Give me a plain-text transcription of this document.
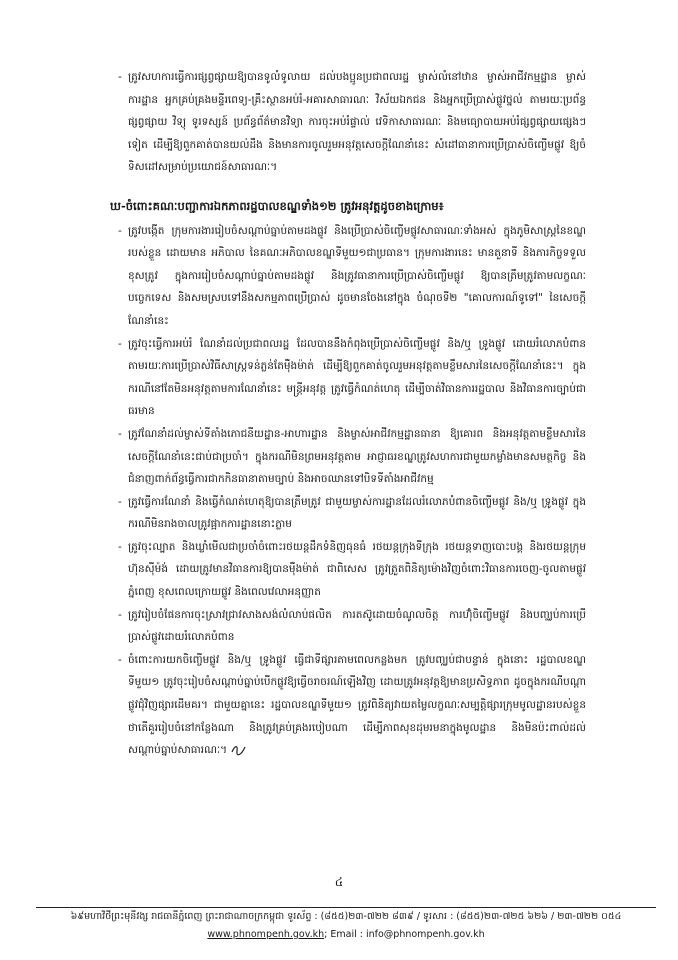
- ត្រូវសហការធ្វើការផ្សព្វផ្សាយឱ្យបានទូលំទូលាយ ដល់បងប្អូនប្រជាពលរដ្ឋ ម្ចាស់លំនៅឋាន ម្ចាស់អាជីវកម្មដ្ឋាន ម្ចាស់ការដ្ឋាន អ្នកគ្រប់គ្រងមន្ទីរពេទ្យ-គ្រឹះស្ថានអប់រំ-អគារសាធារណៈ វិស័យឯកជន និងអ្នកប្រើប្រាស់ផ្លូវថ្នល់ តាមរយៈប្រព័ន្ធផ្សព្វផ្សាយ វិទ្យុ ទូរទស្សន៍ ប្រព័ន្ធព័ត៌មានវិទ្យា ការចុះអប់រំផ្ទាល់ វេទិកាសាធារណៈ និងមធ្យោបាយអប់រំផ្សព្វផ្សាយផ្សេងៗទៀត ដើម្បីឱ្យពួកគាត់បានយល់ដឹង និងមានការចូលរួមអនុវត្តសេចក្តីណែនាំនេះ សំដៅធានាការប្រើប្រាស់ចិញ្ចើមផ្លូវ ឱ្យចំទិសដៅសម្រាប់ប្រយោជន៍សាធារណៈ។
ឃ-ចំពោះគណៈបញ្ជាការឯកភាពរដ្ឋបាលខណ្ឌទាំង១២ ត្រូវអនុវត្តដូចខាងក្រោម៖
- ត្រូវបង្កើត ក្រុមការងាររៀបចំសណ្តាប់ធ្នាប់តាមដងផ្លូវ និងប្រើប្រាស់ចិញ្ចើមផ្លូវសាធារណៈទាំងអស់ ក្នុងភូមិសាស្ត្រនៃខណ្ឌរបស់ខ្លួន ដោយមាន អភិបាល នៃគណៈអភិបាលខណ្ឌទីមួយ១ជាប្រធាន។ ក្រុមការងារនេះ មានតួនាទី និងភារកិច្ចទទួលខុសត្រូវ ក្នុងការរៀបចំសណ្តាប់ធ្នាប់តាមដងផ្លូវ និងត្រូវធានាការប្រើប្រាស់ចិញ្ចើមផ្លូវ ឱ្យបានត្រឹមត្រូវតាមលក្ខណៈបច្ចេកទេស និងសមស្របទៅនឹងសកម្មភាពប្រើប្រាស់ ដូចមានចែងនៅក្នុង ចំណុចទី២ "គោលការណ៍ទូទៅ" នៃសេចក្តីណែនាំនេះ
- ត្រូវចុះធ្វើការអប់រំ ណែនាំដល់ប្រជាពលរដ្ឋ ដែលបាននឹងកំពុងប្រើប្រាស់ចិញ្ចើមផ្លូវ និង/ឬ ទ្រូងផ្លូវ ដោយរំលោភបំពាន តាមរយៈការប្រើប្រាស់វិធីសាស្ត្រទន់ភ្លន់តែម៉ឺងម៉ាត់ ដើម្បីឱ្យពួកគាត់ចូលរួមអនុវត្តតាមខ្លឹមសារនៃសេចក្តីណែនាំនេះ។ ក្នុងករណីនៅតែមិនអនុវត្តតាមការណែនាំនេះ មន្ត្រីអនុវត្ត ត្រូវធ្វើកំណត់ហេតុ ដើម្បីចាត់វិធានការរដ្ឋបាល និងវិធានការច្បាប់ជាធរមាន
- ត្រូវណែនាំដល់ម្ចាស់ទីតាំងភោជនីយដ្ឋាន-អាហារដ្ឋាន និងម្ចាស់អាជីវកម្មដ្ឋានធានា ឱ្យគោរព និងអនុវត្តតាមខ្លឹមសារនៃសេចក្តីណែនាំនេះជាប់ជាប្រចាំ។ ក្នុងករណីមិនព្រមអនុវត្តតាម អាជ្ញាធរខណ្ឌត្រូវសហការជាមួយកម្លាំងមានសមត្ថកិច្ច និងជំនាញពាក់ព័ន្ធធ្វើការជាកកិនធានាតាមច្បាប់ និងអាចឈានទៅបិទទីតាំងអាជីវកម្ម
- ត្រូវធ្វើការណែនាំ និងធ្វើកំណត់ហេតុឱ្យបានត្រឹមត្រូវ ជាមួយម្ចាស់ការដ្ឋានដែលរំលោភបំពានចិញ្ចើមផ្លូវ និង/ឬ ទ្រូងផ្លូវ ក្នុងករណីមិនរាងចាលត្រូវផ្អាកការដ្ឋាននោះភ្លាម
- ត្រូវចុះល្បាត និងឃ្លាំមើលជាប្រចាំចំពោះរថយន្តដឹកទំនិញធុនធំ រថយន្តក្រុងទីក្រុង រថយន្តទាញបោះបង្គ និងរថយន្តក្រុមហ៊ុនស៊ីម៉ង់ ដោយត្រូវមានវិធានការឱ្យបានម៉ឺងម៉ាត់ ជាពិសេស ត្រូវត្រួតពិនិត្យម៉ោងវិញចំពោះវិធានការចេញ-ចូលតាមផ្លូវភ្នំពេញ ខុសពេលក្រោយផ្លូវ និងពេលវេលាអនុញ្ញាត
- ត្រូវរៀបចំផែនការចុះស្រាវជ្រាវសាងសង់លំលាប់ផលិត ការតស៊ូដោយចំណូលចិត្ត ការហ៊ុំចិញ្ចើមផ្លូវ និងបញ្ឈប់ការប្រើប្រាស់ផ្លូវដោយរំលោភបំពាន
- ចំពោះការយកចិញ្ចើមផ្លូវ និង/ឬ ទ្រូងផ្លូវ ធ្វើជាទីផ្សារតាមពេលកន្លងមក ត្រូវបញ្ឈប់ជាបន្ទាន់ ក្នុងនោះ រដ្ឋបាលខណ្ឌទីមួយ១ ត្រូវចុះរៀបចំសណ្តាប់ធ្នាប់បើកផ្លូវឱ្យធ្វើចរាចរណ៍ឡើងវិញ ដោយត្រូវអនុវត្តឱ្យមានប្រសិទ្ធភាព ដូចក្នុងករណីបណ្តាផ្លូវជុំវិញផ្សារដើមគរ។ ជាមួយគ្នានេះ រដ្ឋបាលខណ្ឌទីមួយ១ ត្រូវពិនិត្យវាយតម្លៃលក្ខណៈសម្បត្តិផ្សារក្រុមមូលដ្ឋានរបស់ខ្លួន ថាតើគួររៀបចំនៅកន្លែងណា និងត្រូវគ្រប់គ្រងរបៀបណា ដើម្បីភាពសុខដុមរមនាក្នុងមូលដ្ឋាន និងមិនប៉ះពាល់ដល់សណ្តាប់ធ្នាប់សាធារណៈ។
៤
៦៩មហាវិថីព្រះមុនីវង្ស រាជធានីភ្នំពេញ ព្រះរាជាណាចក្រកម្ពុជា ទូរស័ព្ទ : (៨៥៥)២៣-៧២២ ៨៣៩ / ទូរសារ : (៨៥៥)២៣-៧២៥ ៦២៦ / ២៣-៧២២ ០៥៤
www.phnompenh.gov.kh; Email : info@phnompenh.gov.kh
